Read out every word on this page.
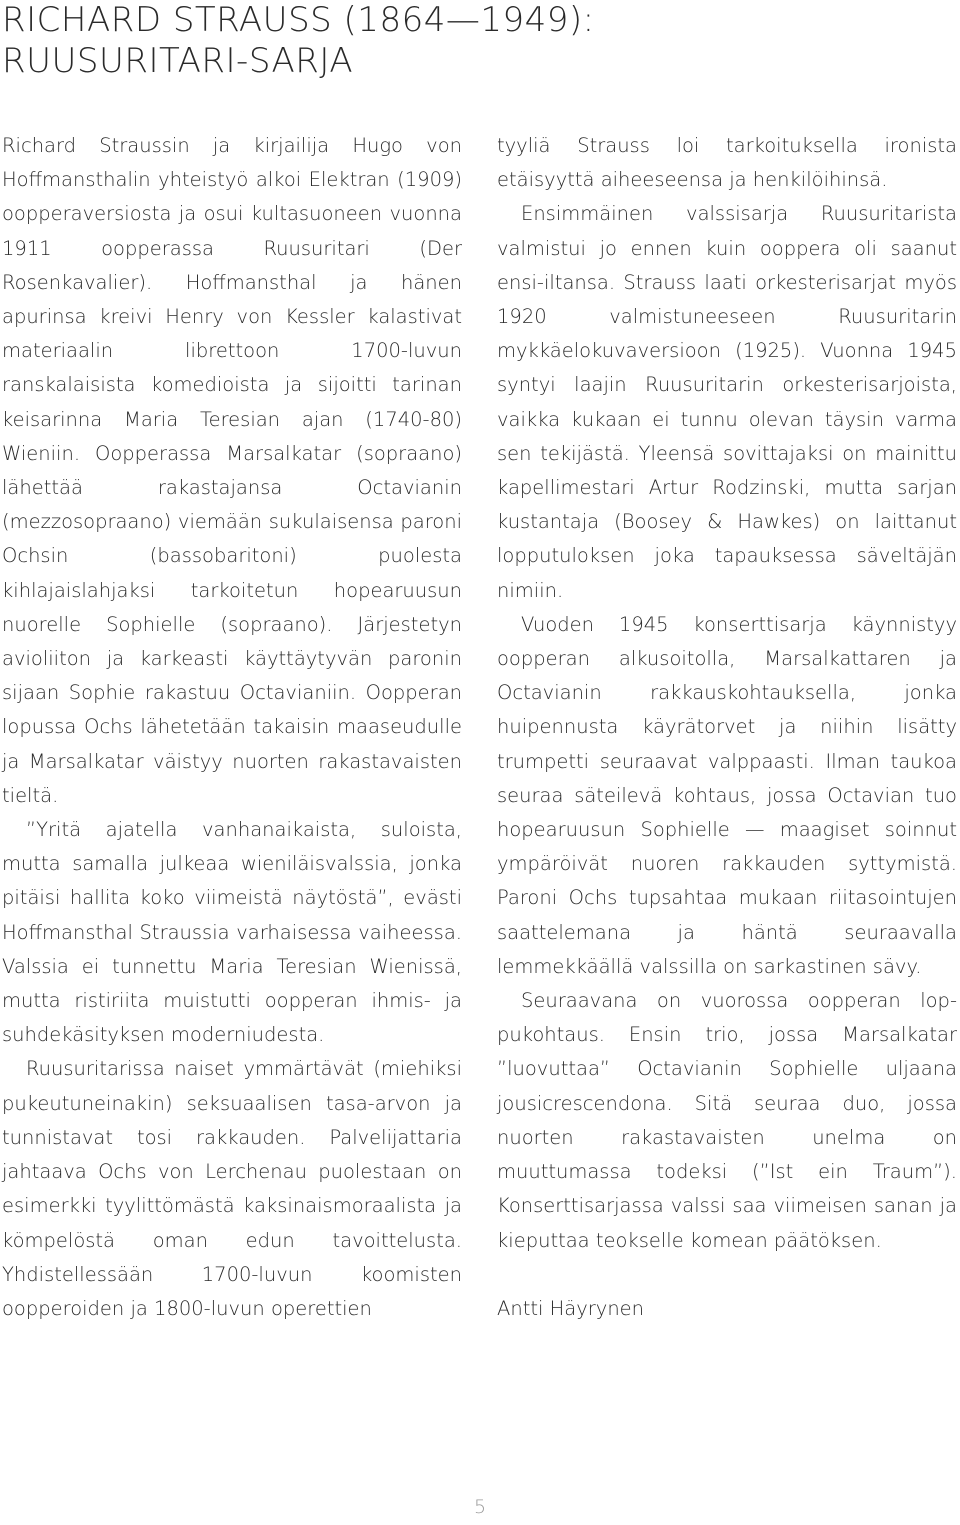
RICHARD STRAUSS (1864—1949):
RUUSURITARI-SARJA

Richard Straussin ja kirjailija Hugo von Hoffmansthalin yhteistyö alkoi Elektran (1909) oopperaversiosta ja osui kultasuoneen vuonna 1911 oopperassa Ruusuritari (Der Rosenkavalier). Hoffmansthal ja hänen apurinsa kreivi Henry von Kessler kalastivat materiaalin librettoon 1700-luvun ranskalaisista komedioista ja sijoitti tarinan keisarinna Maria Teresian ajan (1740-80) Wieniin. Oopperassa Marsalkatar (sopraano) lähettää rakastajansa Octavianin (mezzosopraano) viemään sukulaisensa paroni Ochsin (bassobaritoni) puolesta kihlajaislahjaksi tarkoitetun hopearuusun nuorelle Sophielle (sopraano). Järjestetyn avioliiton ja karkeasti käyttäytyvän paronin sijaan Sophie rakastuu Octavianiin. Oopperan lopussa Ochs lähetetään takaisin maaseudulle ja Marsalkatar väistyy nuorten rakastavaisten tieltä.

”Yritä ajatella vanhanaikaista, suloista, mutta samalla julkeaa wieniläisvalssia, jonka pitäisi hallita koko viimeistä näytöstä”, evästi Hoffmansthal Straussia varhaisessa vaiheessa. Valssia ei tunnettu Maria Teresian Wienissä, mutta ristiriita muistutti oopperan ihmis- ja suhdekäsityksen moderniudesta.

Ruusuritarissa naiset ymmärtävät (miehiksi pukeutuneinakin) seksuaalisen tasa-arvon ja tunnistavat tosi rakkauden. Palvelijattaria jahtaava Ochs von Lerchenau puolestaan on esimerkki tyylittömästä kaksinaismoraalista ja kömpelöstä oman edun tavoittelusta. Yhdistellessään 1700-luvun koomisten oopperoiden ja 1800-luvun operettien

tyyliä Strauss loi tarkoituksella ironista etäisyyttä aiheeseensa ja henkilöihinsä.

Ensimmäinen valssisarja Ruusuritarista valmistui jo ennen kuin ooppera oli saanut ensi-iltansa. Strauss laati orkesterisarjat myös 1920 valmistuneeseen Ruusuritarin mykkäelokuvaversioon (1925). Vuonna 1945 syntyi laajin Ruusuritarin orkesterisarjoista, vaikka kukaan ei tunnu olevan täysin varma sen tekijästä. Yleensä sovittajaksi on mainittu kapellimestari Artur Rodzinski, mutta sarjan kustantaja (Boosey & Hawkes) on laittanut lopputuloksen joka tapauksessa säveltäjän nimiin.

Vuoden 1945 konserttisarja käynnistyy oopperan alkusoitolla, Marsalkattaren ja Octavianin rakkauskohtauksella, jonka huipennusta käyrätorvet ja niihin lisätty trumpetti seuraavat valppaasti. Ilman taukoa seuraa säteilevä kohtaus, jossa Octavian tuo hopearuusun Sophielle — maagiset soinnut ympäröivät nuoren rakkauden syttymistä. Paroni Ochs tupsahtaa mukaan riitasointujen saattelemana ja häntä seuraavalla lemmekkäällä valssilla on sarkastinen sävy.

Seuraavana on vuorossa oopperan loppukohtaus. Ensin trio, jossa Marsalkatar ”luovuttaa” Octavianin Sophielle uljaana jousicrescendona. Sitä seuraa duo, jossa nuorten rakastavaisten unelma on muuttumassa todeksi (”Ist ein Traum”). Konserttisarjassa valssi saa viimeisen sanan ja kieputtaa teokselle komean päätöksen.

Antti Häyrynen

5
